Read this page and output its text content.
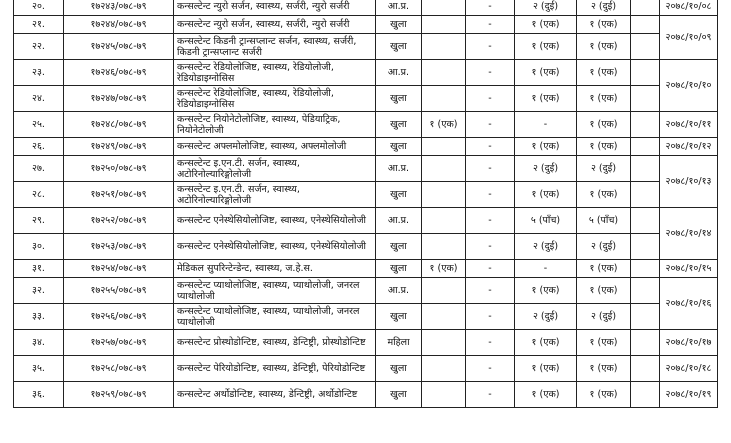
२०.	१७२४३/०७८-७९	कन्सल्टेन्ट न्युरो सर्जन, स्वास्थ्य, सर्जरी, न्युरो सर्जरी	आ.प्र.		-	२ (दुई)	२ (दुई)		२०७८/१०/०८
२१.	१७२४४/०७८-७९	कन्सल्टेन्ट न्युरो सर्जन, स्वास्थ्य, सर्जरी, न्युरो सर्जरी	खुला		-	१ (एक)	१ (एक)		२०७८/१०/०९
२२.	१७२४५/०७८-७९	कन्सल्टेन्ट किडनी ट्रान्सप्लान्ट सर्जन, स्वास्थ्य, सर्जरी, किडनी ट्रान्सप्लान्ट सर्जरी	खुला		-	१ (एक)	१ (एक)		
२३.	१७२४६/०७८-७९	कन्सल्टेन्ट रेडियोलोजिष्ट, स्वास्थ्य, रेडियोलोजी, रेडियोडाइग्नोसिस	आ.प्र.		-	१ (एक)	१ (एक)		२०७८/१०/१०
२४.	१७२४७/०७८-७९	कन्सल्टेन्ट रेडियोलोजिष्ट, स्वास्थ्य, रेडियोलोजी, रेडियोडाइग्नोसिस	खुला		-	१ (एक)	१ (एक)		
२५.	१७२४८/०७८-७९	कन्सल्टेन्ट नियोनेटोलोजिष्ट, स्वास्थ्य, पेडियाट्रिक, नियोनेटोलोजी	खुला	१ (एक)	-	-	१ (एक)		२०७८/१०/११
२६.	१७२४९/०७८-७९	कन्सल्टेन्ट अफ्लमोलोजिष्ट, स्वास्थ्य, अफ्लमोलोजी	खुला		-	१ (एक)	१ (एक)		२०७८/१०/१२
२७.	१७२५०/०७८-७९	कन्सल्टेन्ट इ.एन.टी. सर्जन, स्वास्थ्य, अटोरिनोल्यारिङ्गोलोजी	आ.प्र.		-	२ (दुई)	२ (दुई)		२०७८/१०/१३
२८.	१७२५१/०७८-७९	कन्सल्टेन्ट इ.एन.टी. सर्जन, स्वास्थ्य, अटोरिनोल्यारिङ्गोलोजी	खुला		-	१ (एक)	१ (एक)		
२९.	१७२५२/०७८-७९	कन्सल्टेन्ट एनेस्थेसियोलोजिष्ट, स्वास्थ्य, एनेस्थेसियोलोजी	आ.प्र.		-	५ (पाँच)	५ (पाँच)		२०७८/१०/१४
३०.	१७२५३/०७८-७९	कन्सल्टेन्ट एनेस्थेसियोलोजिष्ट, स्वास्थ्य, एनेस्थेसियोलोजी	खुला		-	२ (दुई)	२ (दुई)		
३१.	१७२५४/०७८-७९	मेडिकल सुपरिन्टेन्डेन्ट, स्वास्थ्य, ज.हे.स.	खुला	१ (एक)	-	-	१ (एक)		२०७८/१०/१५
३२.	१७२५५/०७८-७९	कन्सल्टेन्ट प्याथोलोजिष्ट, स्वास्थ्य, प्याथोलोजी, जनरल प्याथोलोजी	आ.प्र.		-	१ (एक)	१ (एक)		२०७८/१०/१६
३३.	१७२५६/०७८-७९	कन्सल्टेन्ट प्याथोलोजिष्ट, स्वास्थ्य, प्याथोलोजी, जनरल प्याथोलोजी	खुला		-	२ (दुई)	२ (दुई)		
३४.	१७२५७/०७८-७९	कन्सल्टेन्ट प्रोस्थोडोन्टिष्ट, स्वास्थ्य, डेन्टिष्ट्री, प्रोस्थोडोन्टिष्ट	महिला		-	१ (एक)	१ (एक)		२०७८/१०/१७
३५.	१७२५८/०७८-७९	कन्सल्टेन्ट पेरियोडोन्टिष्ट, स्वास्थ्य, डेन्टिष्ट्री, पेरियोडोन्टिष्ट	खुला		-	१ (एक)	१ (एक)		२०७८/१०/१८
३६.	१७२५९/०७८-७९	कन्सल्टेन्ट अर्थोडोन्टिष्ट, स्वास्थ्य, डेन्टिष्ट्री, अर्थोडोन्टिष्ट	खुला		-	१ (एक)	१ (एक)		२०७८/१०/१९
